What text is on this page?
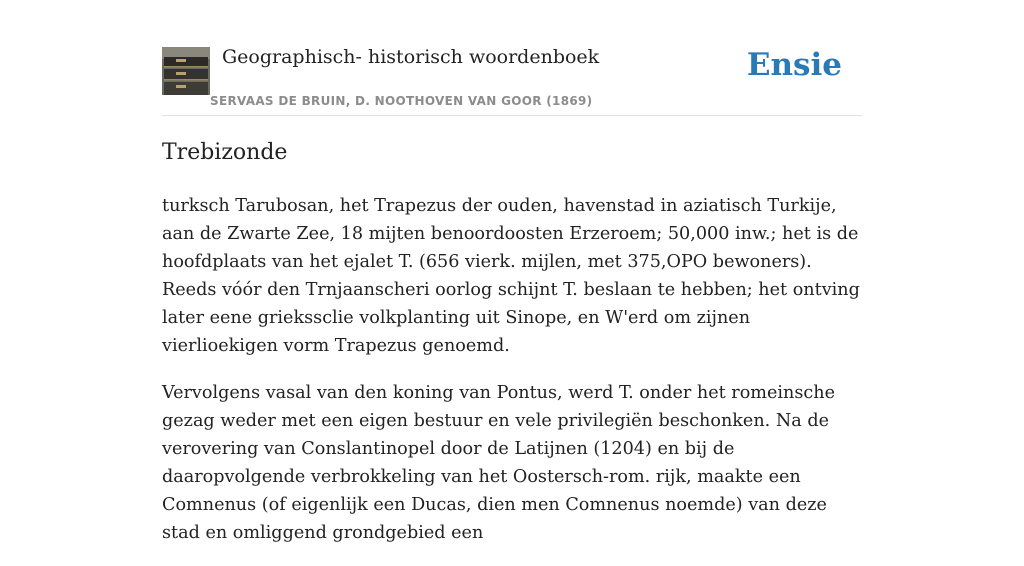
Geographisch- historisch woordenboek
SERVAAS DE BRUIN, D. NOOTHOVEN VAN GOOR (1869)
Ensie
Trebizonde

turksch Tarubosan, het Trapezus der ouden, havenstad in aziatisch Turkije, aan de Zwarte Zee, 18 mijten benoordoosten Erzeroem; 50,000 inw.; het is de hoofdplaats van het ejalet T. (656 vierk. mijlen, met 375,OPO bewoners). Reeds vóór den Trnjaanscheri oorlog schijnt T. beslaan te hebben; het ontving later eene griekssclie volkplanting uit Sinope, en W'erd om zijnen vierlioekigen vorm Trapezus genoemd.

Vervolgens vasal van den koning van Pontus, werd T. onder het romeinsche gezag weder met een eigen bestuur en vele privilegiën beschonken. Na de verovering van Conslantinopel door de Latijnen (1204) en bij de daaropvolgende verbrokkeling van het Oostersch-rom. rijk, maakte een Comnenus (of eigenlijk een Ducas, dien men Comnenus noemde) van deze stad en omliggend grondgebied een
